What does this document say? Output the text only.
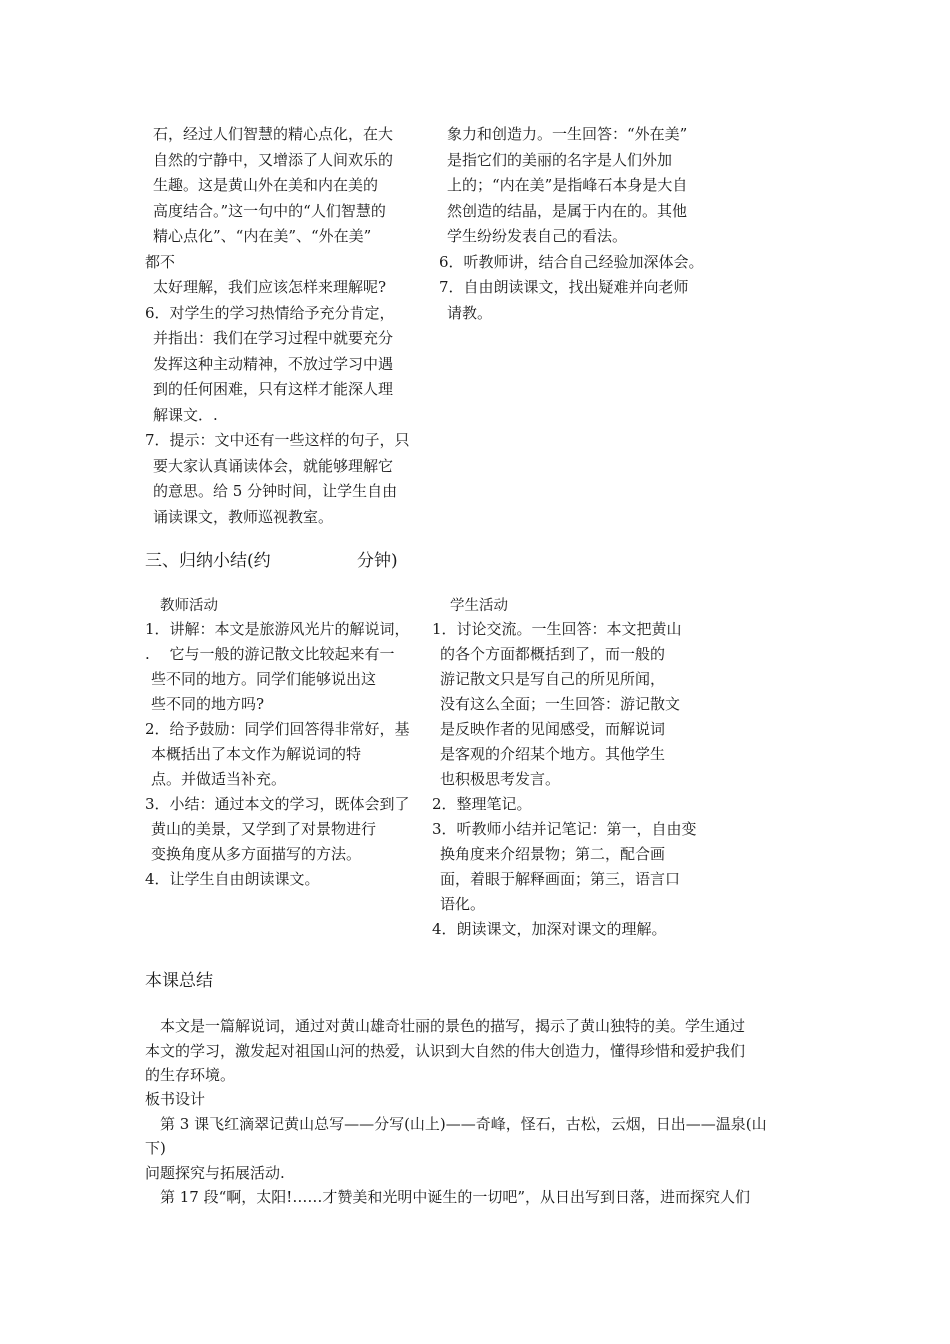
石，经过人们智慧的精心点化，在大
自然的宁静中，又增添了人间欢乐的
生趣。这是黄山外在美和内在美的
高度结合。”这一句中的“人们智慧的
精心点化”、“内在美”、“外在美”
都不
太好理解，我们应该怎样来理解呢?
6．对学生的学习热情给予充分肯定，
并指出：我们在学习过程中就要充分
发挥这种主动精神，不放过学习中遇
到的任何困难，只有这样才能深人理
解课文．.
7．提示：文中还有一些这样的句子，只
要大家认真诵读体会，就能够理解它
的意思。给 5 分钟时间，让学生自由
诵读课文，教师巡视教室。
象力和创造力。一生回答：“外在美”
是指它们的美丽的名字是人们外加
上的；“内在美”是指峰石本身是大自
然创造的结晶，是属于内在的。其他
学生纷纷发表自己的看法。
6．听教师讲，结合自己经验加深体会。
7．自由朗读课文，找出疑难并向老师
请教。
三、归纳小结(约	分钟)
教师活动	学生活动
1．讲解：本文是旅游风光片的解说词，
.　 它与一般的游记散文比较起来有一
些不同的地方。同学们能够说出这
些不同的地方吗?
2．给予鼓励：同学们回答得非常好，基
本概括出了本文作为解说词的特
点。并做适当补充。
3．小结：通过本文的学习，既体会到了
黄山的美景，又学到了对景物进行
变换角度从多方面描写的方法。
4．让学生自由朗读课文。
1．讨论交流。一生回答：本文把黄山
的各个方面都概括到了，而一般的
游记散文只是写自己的所见所闻，
没有这么全面；一生回答：游记散文
是反映作者的见闻感受，而解说词
是客观的介绍某个地方。其他学生
也积极思考发言。
2．整理笔记。
3．听教师小结并记笔记：第一，自由变
换角度来介绍景物；第二，配合画
面，着眼于解释画面；第三，语言口
语化。
4．朗读课文，加深对课文的理解。
本课总结
　本文是一篇解说词，通过对黄山雄奇壮丽的景色的描写，揭示了黄山独特的美。学生通过
本文的学习，激发起对祖国山河的热爱，认识到大自然的伟大创造力，懂得珍惜和爱护我们
的生存环境。
板书设计
　第 3 课飞红滴翠记黄山总写——分写(山上)——奇峰，怪石，古松，云烟，日出——温泉(山
下)
问题探究与拓展活动.
　第 17 段“啊，太阳!……才赞美和光明中诞生的一切吧”，从日出写到日落，进而探究人们
